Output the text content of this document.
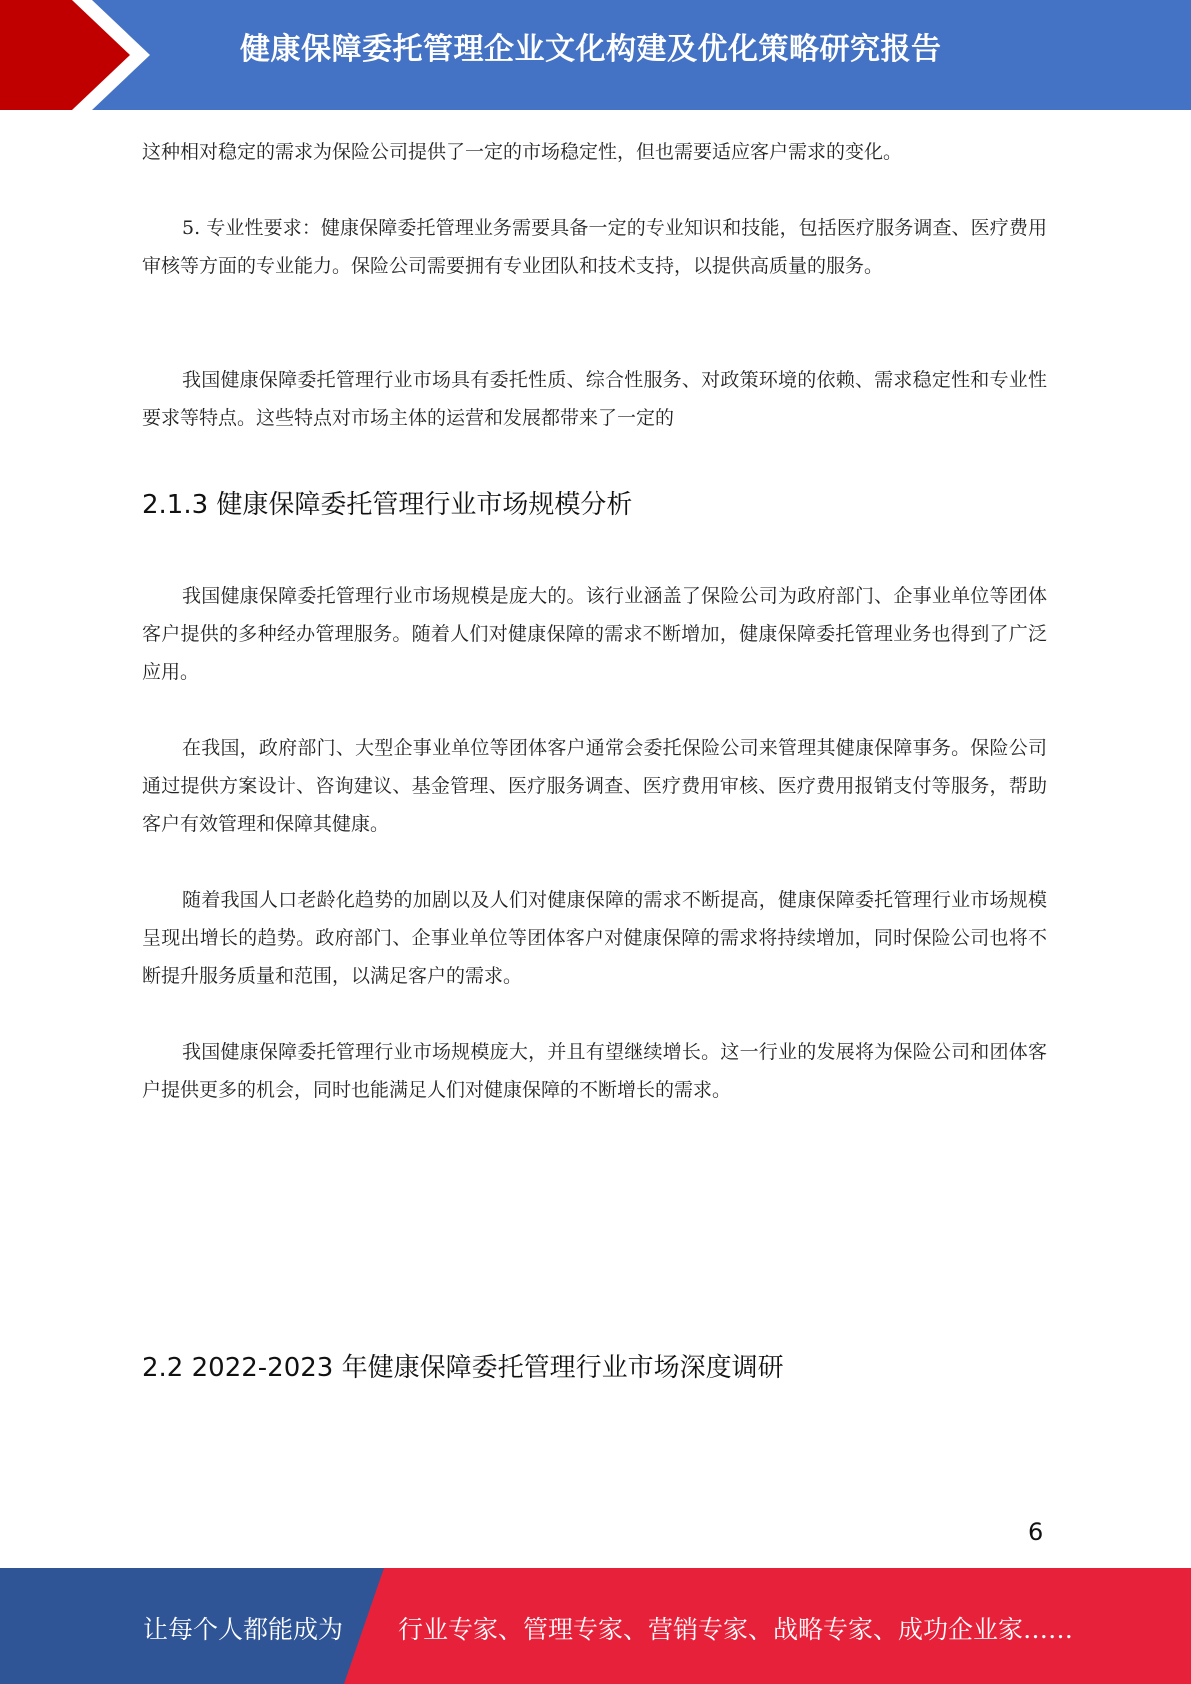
健康保障委托管理企业文化构建及优化策略研究报告

这种相对稳定的需求为保险公司提供了一定的市场稳定性，但也需要适应客户需求的变化。

5. 专业性要求：健康保障委托管理业务需要具备一定的专业知识和技能，包括医疗服务调查、医疗费用审核等方面的专业能力。保险公司需要拥有专业团队和技术支持，以提供高质量的服务。

我国健康保障委托管理行业市场具有委托性质、综合性服务、对政策环境的依赖、需求稳定性和专业性要求等特点。这些特点对市场主体的运营和发展都带来了一定的

2.1.3 健康保障委托管理行业市场规模分析

我国健康保障委托管理行业市场规模是庞大的。该行业涵盖了保险公司为政府部门、企事业单位等团体客户提供的多种经办管理服务。随着人们对健康保障的需求不断增加，健康保障委托管理业务也得到了广泛应用。

在我国，政府部门、大型企事业单位等团体客户通常会委托保险公司来管理其健康保障事务。保险公司通过提供方案设计、咨询建议、基金管理、医疗服务调查、医疗费用审核、医疗费用报销支付等服务，帮助客户有效管理和保障其健康。

随着我国人口老龄化趋势的加剧以及人们对健康保障的需求不断提高，健康保障委托管理行业市场规模呈现出增长的趋势。政府部门、企事业单位等团体客户对健康保障的需求将持续增加，同时保险公司也将不断提升服务质量和范围，以满足客户的需求。

我国健康保障委托管理行业市场规模庞大，并且有望继续增长。这一行业的发展将为保险公司和团体客户提供更多的机会，同时也能满足人们对健康保障的不断增长的需求。

2.2 2022-2023 年健康保障委托管理行业市场深度调研
6
让每个人都能成为 行业专家、管理专家、营销专家、战略专家、成功企业家……
